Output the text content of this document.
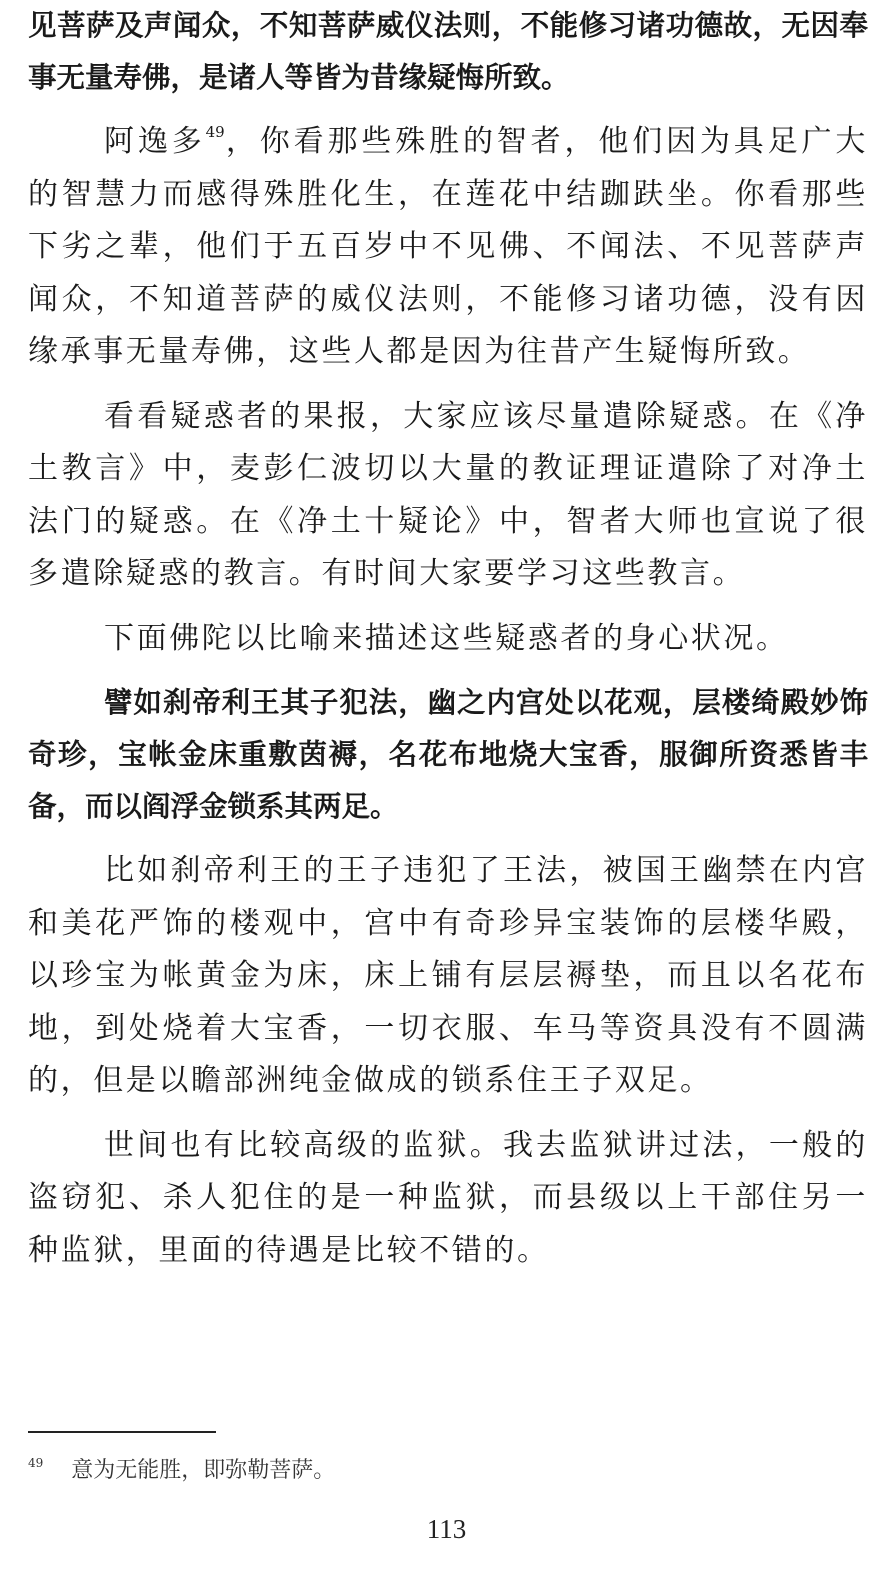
见菩萨及声闻众，不知菩萨威仪法则，不能修习诸功德故，无因奉事无量寿佛，是诸人等皆为昔缘疑悔所致。

阿逸多$^{49}$，你看那些殊胜的智者，他们因为具足广大的智慧力而感得殊胜化生，在莲花中结跏趺坐。你看那些下劣之辈，他们于五百岁中不见佛、不闻法、不见菩萨声闻众，不知道菩萨的威仪法则，不能修习诸功德，没有因缘承事无量寿佛，这些人都是因为往昔产生疑悔所致。

看看疑惑者的果报，大家应该尽量遣除疑惑。在《净土教言》中，麦彭仁波切以大量的教证理证遣除了对净土法门的疑惑。在《净土十疑论》中，智者大师也宣说了很多遣除疑惑的教言。有时间大家要学习这些教言。

下面佛陀以比喻来描述这些疑惑者的身心状况。

譬如刹帝利王其子犯法，幽之内宫处以花观，层楼绮殿妙饰奇珍，宝帐金床重敷茵褥，名花布地烧大宝香，服御所资悉皆丰备，而以阎浮金锁系其两足。

比如刹帝利王的王子违犯了王法，被国王幽禁在内宫和美花严饰的楼观中，宫中有奇珍异宝装饰的层楼华殿，以珍宝为帐黄金为床，床上铺有层层褥垫，而且以名花布地，到处烧着大宝香，一切衣服、车马等资具没有不圆满的，但是以瞻部洲纯金做成的锁系住王子双足。

世间也有比较高级的监狱。我去监狱讲过法，一般的盗窃犯、杀人犯住的是一种监狱，而县级以上干部住另一种监狱，里面的待遇是比较不错的。

$^{49}$ 意为无能胜，即弥勒菩萨。
113
